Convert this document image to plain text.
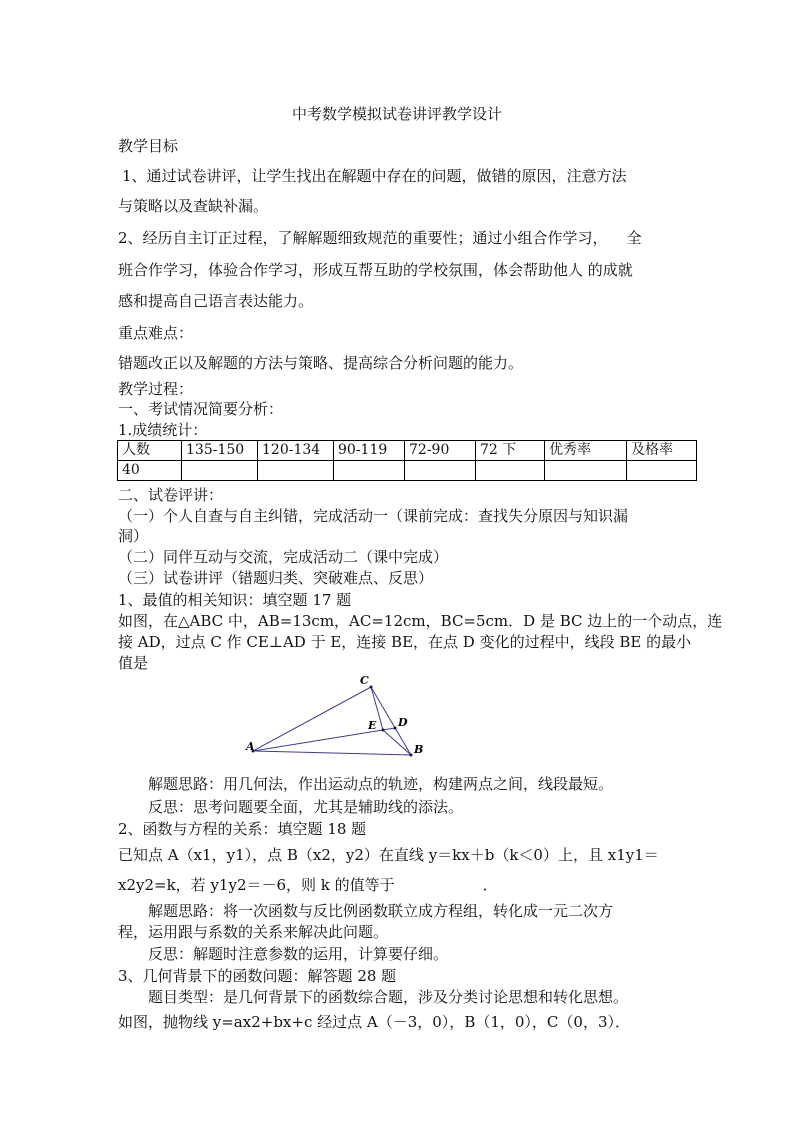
中考数学模拟试卷讲评教学设计
教学目标
1、通过试卷讲评，让学生找出在解题中存在的问题，做错的原因，注意方法
与策略以及查缺补漏。
2、经历自主订正过程，了解解题细致规范的重要性；通过小组合作学习，    全
班合作学习，体验合作学习，形成互帮互助的学校氛围，体会帮助他人 的成就
感和提高自己语言表达能力。
重点难点：
错题改正以及解题的方法与策略、提高综合分析问题的能力。
教学过程：
一、考试情况简要分析：
1.成绩统计：
人数	135-150	120-134	90-119	72-90	72 下	优秀率	及格率
40							
二、试卷评讲：
（一）个人自查与自主纠错，完成活动一（课前完成：查找失分原因与知识漏
洞）
（二）同伴互动与交流，完成活动二（课中完成）
（三）试卷讲评（错题归类、突破难点、反思）
1、最值的相关知识：填空题 17 题
如图，在△ABC 中，AB=13cm，AC=12cm，BC=5cm．D 是 BC 边上的一个动点，连
接 AD，过点 C 作 CE⊥AD 于 E，连接 BE，在点 D 变化的过程中，线段 BE 的最小
值是
A
C
B
D
E
解题思路：用几何法，作出运动点的轨迹，构建两点之间，线段最短。
反思：思考问题要全面，尤其是辅助线的添法。
2、函数与方程的关系：填空题 18 题
已知点 A（x1，y1），点 B（x2，y2）在直线 y＝kx＋b（k＜0）上，且 x1y1＝
x2y2=k，若 y1y2＝－6，则 k 的值等于	．
解题思路：将一次函数与反比例函数联立成方程组，转化成一元二次方
程，运用跟与系数的关系来解决此问题。
反思：解题时注意参数的运用，计算要仔细。
3、几何背景下的函数问题：解答题 28 题
题目类型：是几何背景下的函数综合题，涉及分类讨论思想和转化思想。
如图，抛物线 y=ax2+bx+c 经过点 A（－3，0），B（1，0），C（0，3）．
